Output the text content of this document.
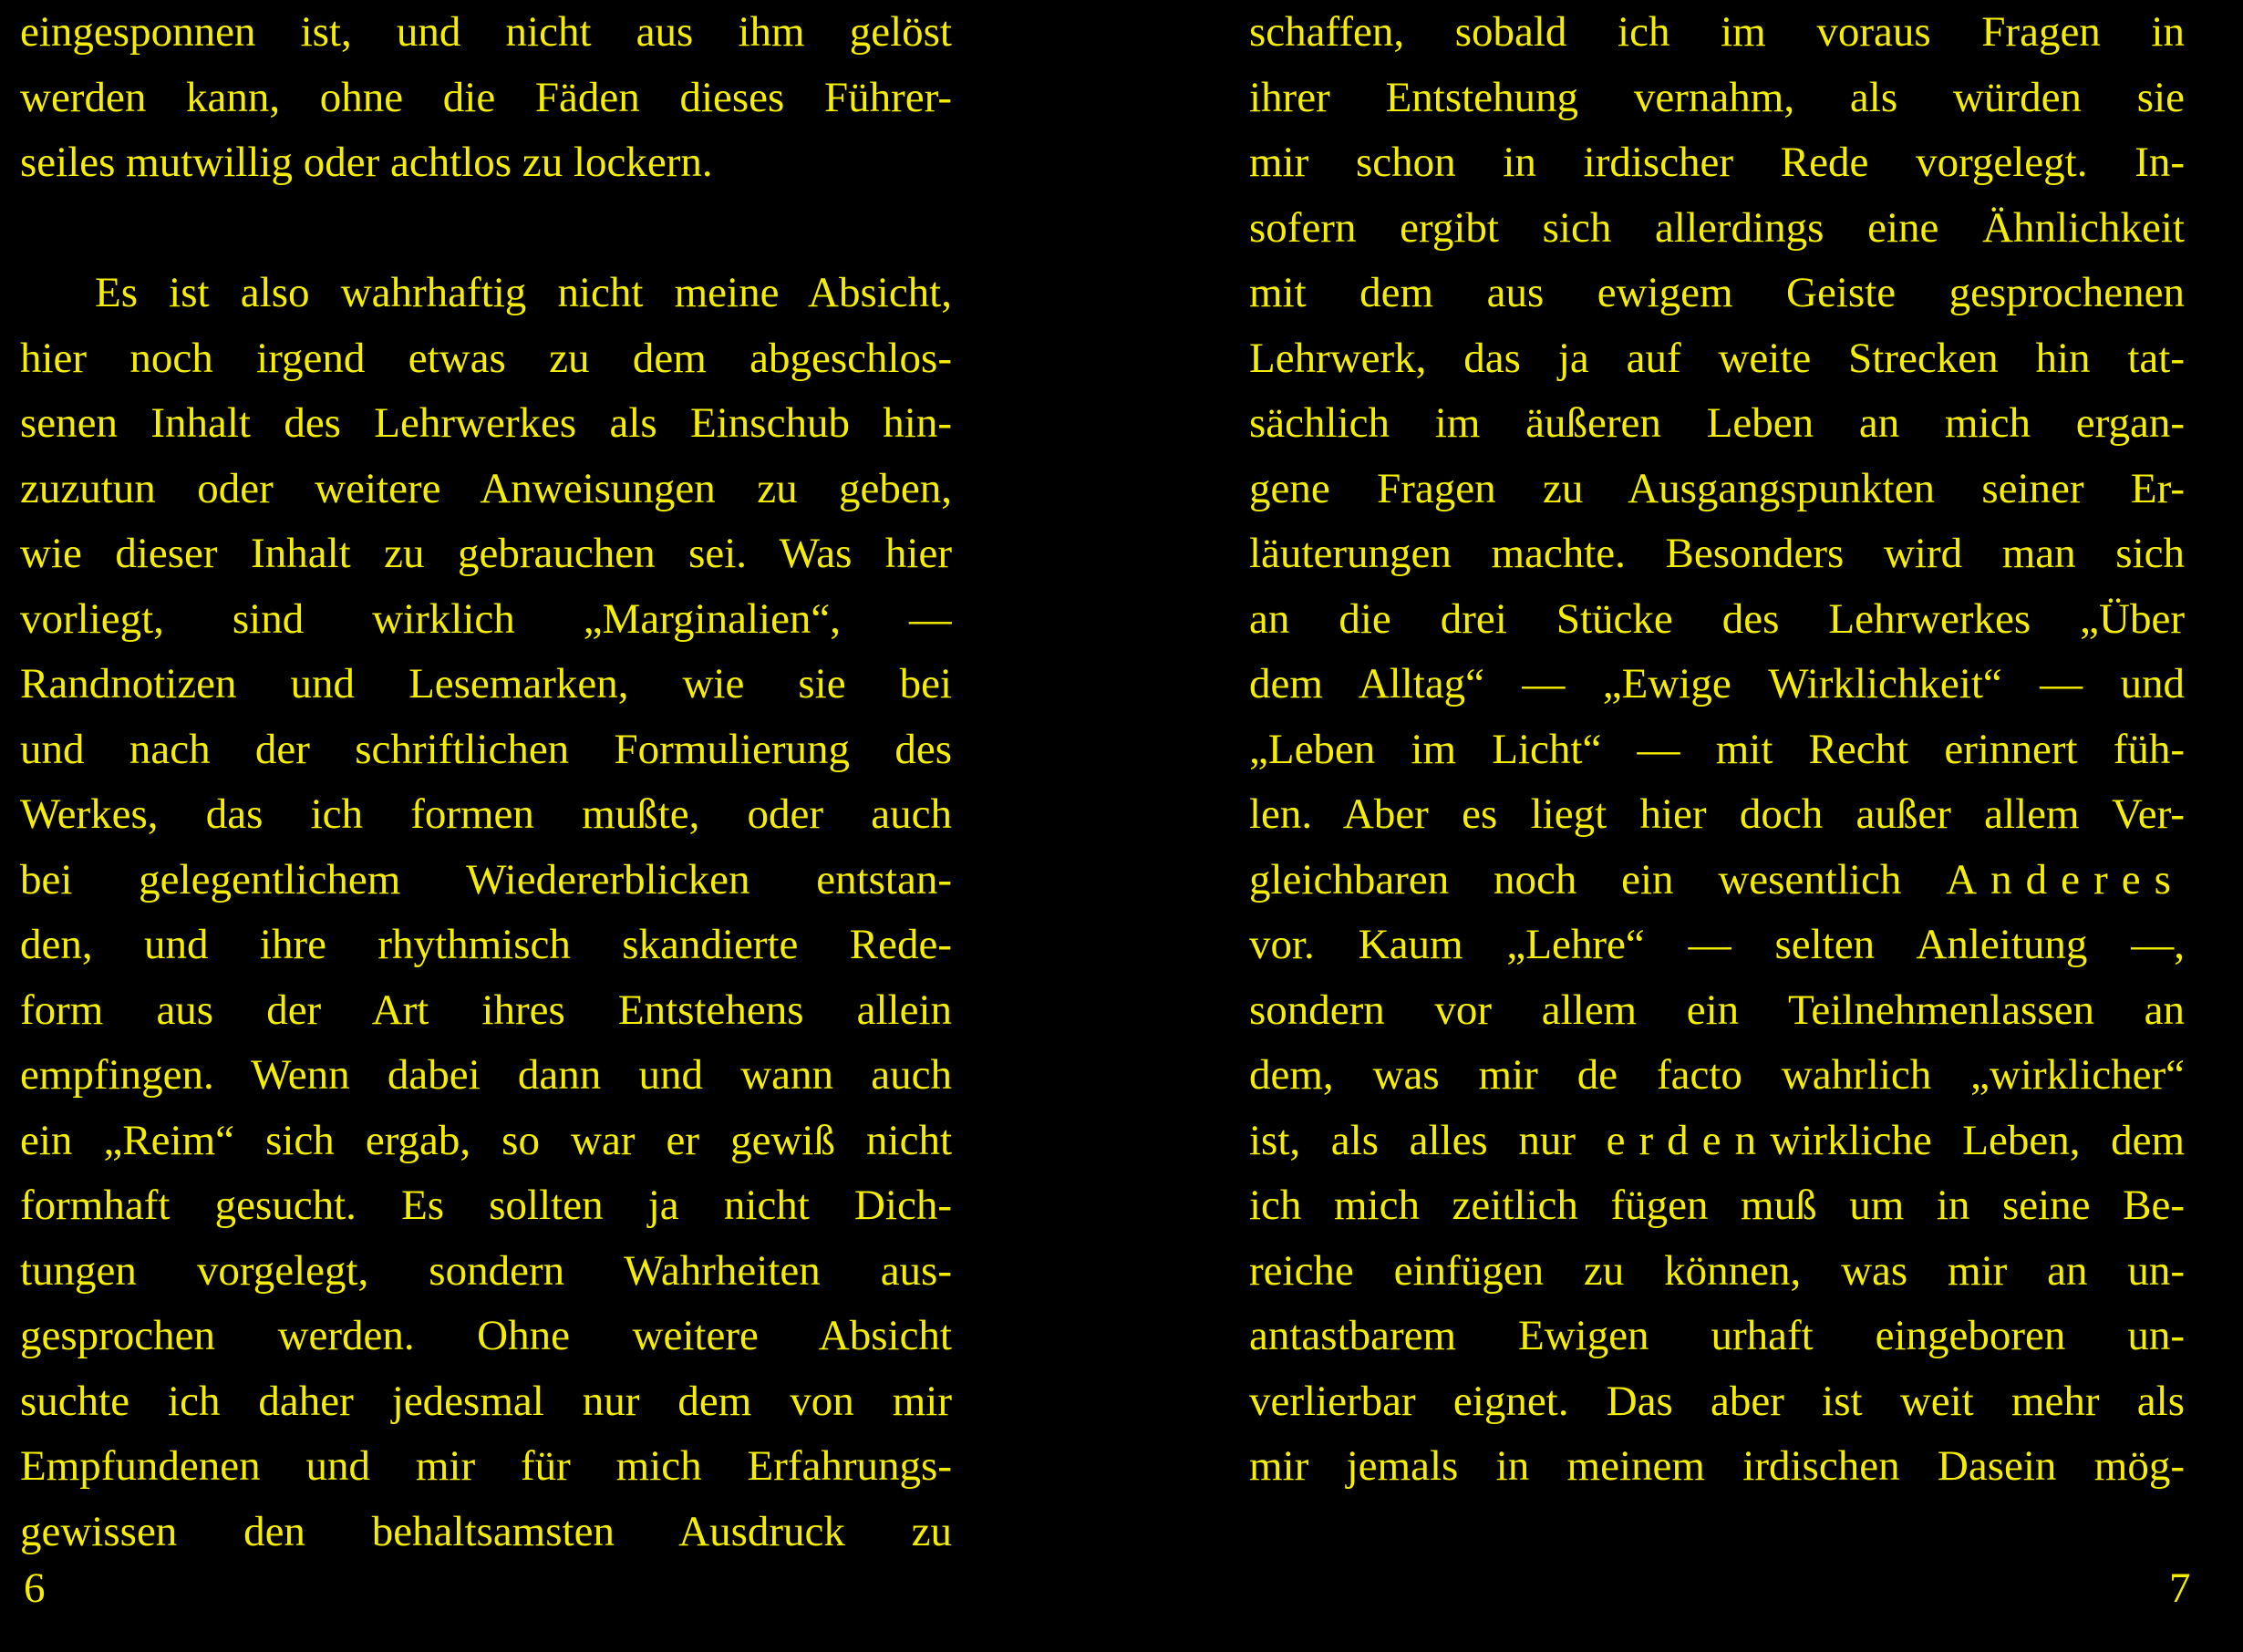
eingesponnen ist, und nicht aus ihm gelöst
werden kann, ohne die Fäden dieses Führer-
seiles mutwillig oder achtlos zu lockern.
Es ist also wahrhaftig nicht meine Absicht,
hier noch irgend etwas zu dem abgeschlos-
senen Inhalt des Lehrwerkes als Einschub hin-
zuzutun oder weitere Anweisungen zu geben,
wie dieser Inhalt zu gebrauchen sei. Was hier
vorliegt, sind wirklich „Marginalien“, —
Randnotizen und Lesemarken, wie sie bei
und nach der schriftlichen Formulierung des
Werkes, das ich formen mußte, oder auch
bei gelegentlichem Wiedererblicken entstan-
den, und ihre rhythmisch skandierte Rede-
form aus der Art ihres Entstehens allein
empfingen. Wenn dabei dann und wann auch
ein „Reim“ sich ergab, so war er gewiß nicht
formhaft gesucht. Es sollten ja nicht Dich-
tungen vorgelegt, sondern Wahrheiten aus-
gesprochen werden. Ohne weitere Absicht
suchte ich daher jedesmal nur dem von mir
Empfundenen und mir für mich Erfahrungs-
gewissen den behaltsamsten Ausdruck zu
6
schaffen, sobald ich im voraus Fragen in
ihrer Entstehung vernahm, als würden sie
mir schon in irdischer Rede vorgelegt. In-
sofern ergibt sich allerdings eine Ähnlichkeit
mit dem aus ewigem Geiste gesprochenen
Lehrwerk, das ja auf weite Strecken hin tat-
sächlich im äußeren Leben an mich ergan-
gene Fragen zu Ausgangspunkten seiner Er-
läuterungen machte. Besonders wird man sich
an die drei Stücke des Lehrwerkes „Über
dem Alltag“ — „Ewige Wirklichkeit“ — und
„Leben im Licht“ — mit Recht erinnert füh-
len. Aber es liegt hier doch außer allem Ver-
gleichbaren noch ein wesentlich Anderes
vor. Kaum „Lehre“ — selten Anleitung —,
sondern vor allem ein Teilnehmenlassen an
dem, was mir de facto wahrlich „wirklicher“
ist, als alles nur erdenwirkliche Leben, dem
ich mich zeitlich fügen muß um in seine Be-
reiche einfügen zu können, was mir an un-
antastbarem Ewigen urhaft eingeboren un-
verlierbar eignet. Das aber ist weit mehr als
mir jemals in meinem irdischen Dasein mög-
7
